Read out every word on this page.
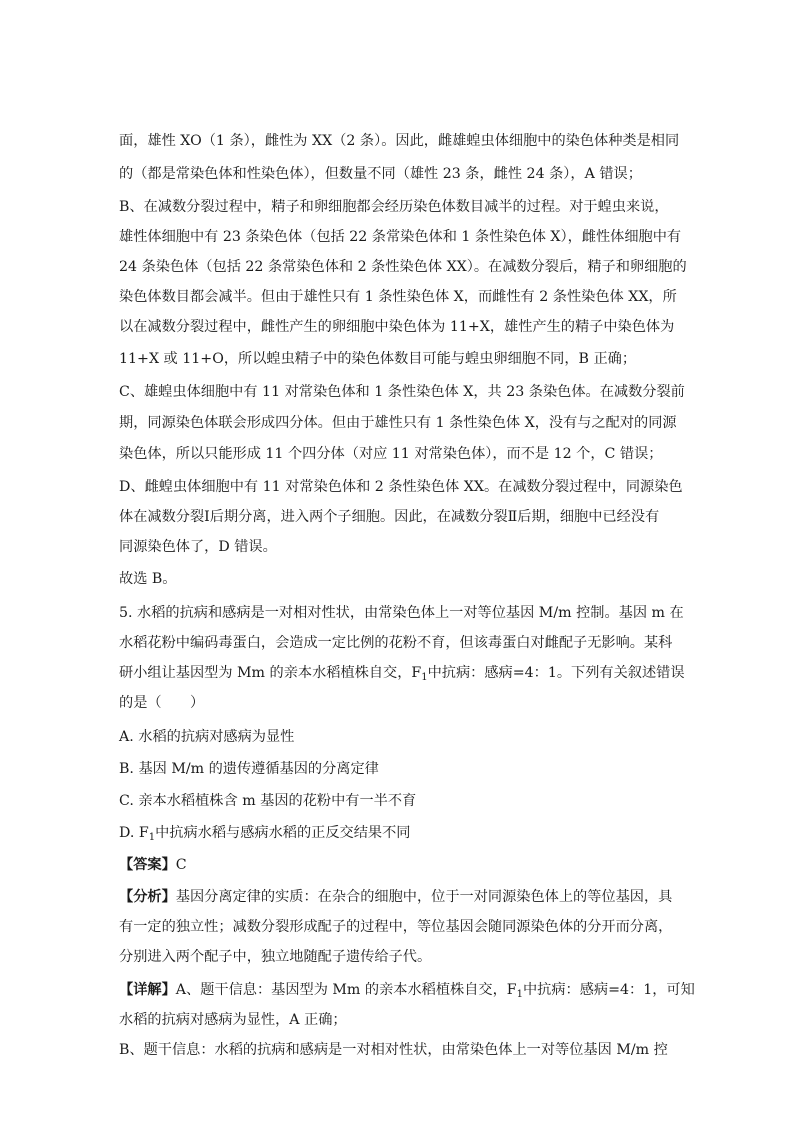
面，雄性 XO（1 条），雌性为 XX（2 条）。因此，雌雄蝗虫体细胞中的染色体种类是相同
的（都是常染色体和性染色体），但数量不同（雄性 23 条，雌性 24 条），A 错误；
B、在减数分裂过程中，精子和卵细胞都会经历染色体数目减半的过程。对于蝗虫来说，
雄性体细胞中有 23 条染色体（包括 22 条常染色体和 1 条性染色体 X），雌性体细胞中有
24 条染色体（包括 22 条常染色体和 2 条性染色体 XX）。在减数分裂后，精子和卵细胞的
染色体数目都会减半。但由于雄性只有 1 条性染色体 X，而雌性有 2 条性染色体 XX，所
以在减数分裂过程中，雌性产生的卵细胞中染色体为 11+X，雄性产生的精子中染色体为
11+X 或 11+O，所以蝗虫精子中的染色体数目可能与蝗虫卵细胞不同，B 正确；
C、雄蝗虫体细胞中有 11 对常染色体和 1 条性染色体 X，共 23 条染色体。在减数分裂前
期，同源染色体联会形成四分体。但由于雄性只有 1 条性染色体 X，没有与之配对的同源
染色体，所以只能形成 11 个四分体（对应 11 对常染色体），而不是 12 个，C 错误；
D、雌蝗虫体细胞中有 11 对常染色体和 2 条性染色体 XX。在减数分裂过程中，同源染色
体在减数分裂Ⅰ后期分离，进入两个子细胞。因此，在减数分裂Ⅱ后期，细胞中已经没有
同源染色体了，D 错误。
故选 B。
5. 水稻的抗病和感病是一对相对性状，由常染色体上一对等位基因 M/m 控制。基因 m 在
水稻花粉中编码毒蛋白，会造成一定比例的花粉不育，但该毒蛋白对雌配子无影响。某科
研小组让基因型为 Mm 的亲本水稻植株自交，$F_1$中抗病：感病=4：1。下列有关叙述错误
的是（　　）
A. 水稻的抗病对感病为显性
B. 基因 M/m 的遗传遵循基因的分离定律
C. 亲本水稻植株含 m 基因的花粉中有一半不育
D. $F_1$中抗病水稻与感病水稻的正反交结果不同
【答案】C
【分析】基因分离定律的实质：在杂合的细胞中，位于一对同源染色体上的等位基因，具
有一定的独立性；减数分裂形成配子的过程中，等位基因会随同源染色体的分开而分离，
分别进入两个配子中，独立地随配子遗传给子代。
【详解】A、题干信息：基因型为 Mm 的亲本水稻植株自交，$F_1$中抗病：感病=4：1，可知
水稻的抗病对感病为显性，A 正确；
B、题干信息：水稻的抗病和感病是一对相对性状，由常染色体上一对等位基因 M/m 控
